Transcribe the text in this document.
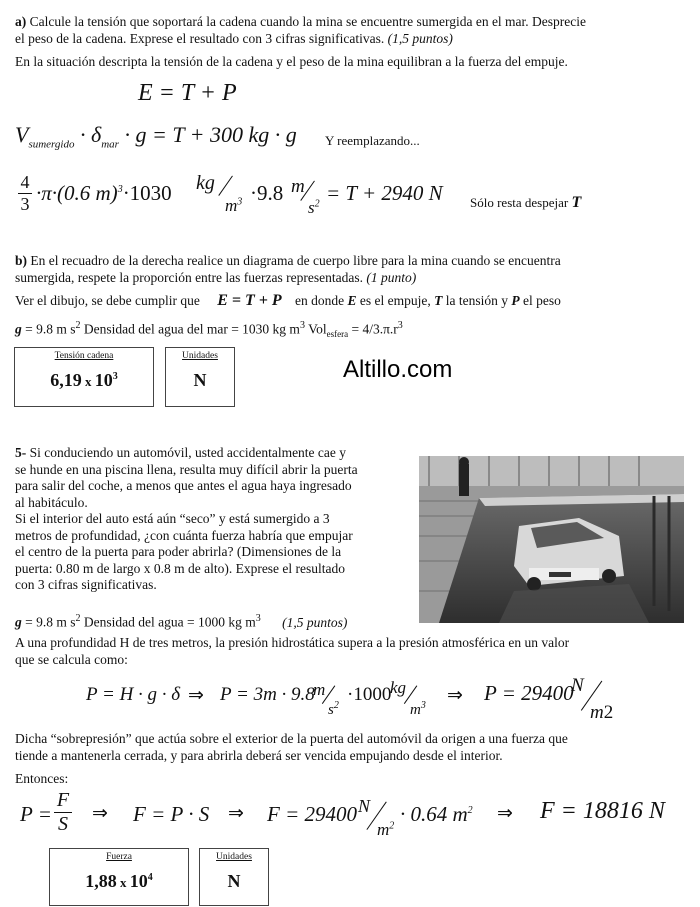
a) Calcule la tensión que soportará la cadena cuando la mina se encuentre sumergida en el mar. Desprecie
el peso de la cadena. Exprese el resultado con 3 cifras significativas. (1,5 puntos)
En la situación descripta la tensión de la cadena y el peso de la mina equilibran a la fuerza del empuje.
E = T + P
$V_{sumergido} \cdot \delta_{mar} \cdot g = T + 300$ kg · g Y reemplazando...
4
3 ·π·(0.6 m)$^3$·1030 kg
$m^3 \cdot 9.8$ m
$s^2 = T + 2940$ N Sólo resta despejar T
b) En el recuadro de la derecha realice un diagrama de cuerpo libre para la mina cuando se encuentra
sumergida, respete la proporción entre las fuerzas representadas. (1 punto)
Ver el dibujo, se debe cumplir que E = T + P en donde E es el empuje, T la tensión y P el peso
g = 9.8 m $s^2$ Densidad del agua del mar = 1030 kg $m^3$ $Vol_{esfera} = 4/3.\pi.r^3$
Tensión cadena
6,19 x $10^3$
Unidades
N	Altillo.com
5- Si conduciendo un automóvil, usted accidentalmente cae y
se hunde en una piscina llena, resulta muy difícil abrir la puerta
para salir del coche, a menos que antes el agua haya ingresado
al habitáculo.
Si el interior del auto está aún “seco” y está sumergido a 3
metros de profundidad, ¿con cuánta fuerza habría que empujar
el centro de la puerta para poder abrirla? (Dimensiones de la
puerta: 0.80 m de largo x 0.8 m de alto). Exprese el resultado
con 3 cifras significativas.
g = 9.8 m $s^2$ Densidad del agua = 1000 kg $m^3$ (1,5 puntos)
A una profundidad H de tres metros, la presión hidrostática supera a la presión atmosférica en un valor
que se calcula como:
P = H · g · δ ⇒ P = 3m · 9.8
m
$s^2$
·1000
kg
$m^3$ ⇒ P = 29400
N
m2
Dicha “sobrepresión” que actúa sobre el exterior de la puerta del automóvil da origen a una fuerza que
tiende a mantenerla cerrada, y para abrirla deberá ser vencida empujando desde el interior.
Entonces:
P =
F
S ⇒ F = P · S ⇒ F = 29400 N
$m^2 \cdot 0.64$ $m^2$ ⇒ F = 18816 N
Fuerza
1,88 x $10^4$
Unidades
N
